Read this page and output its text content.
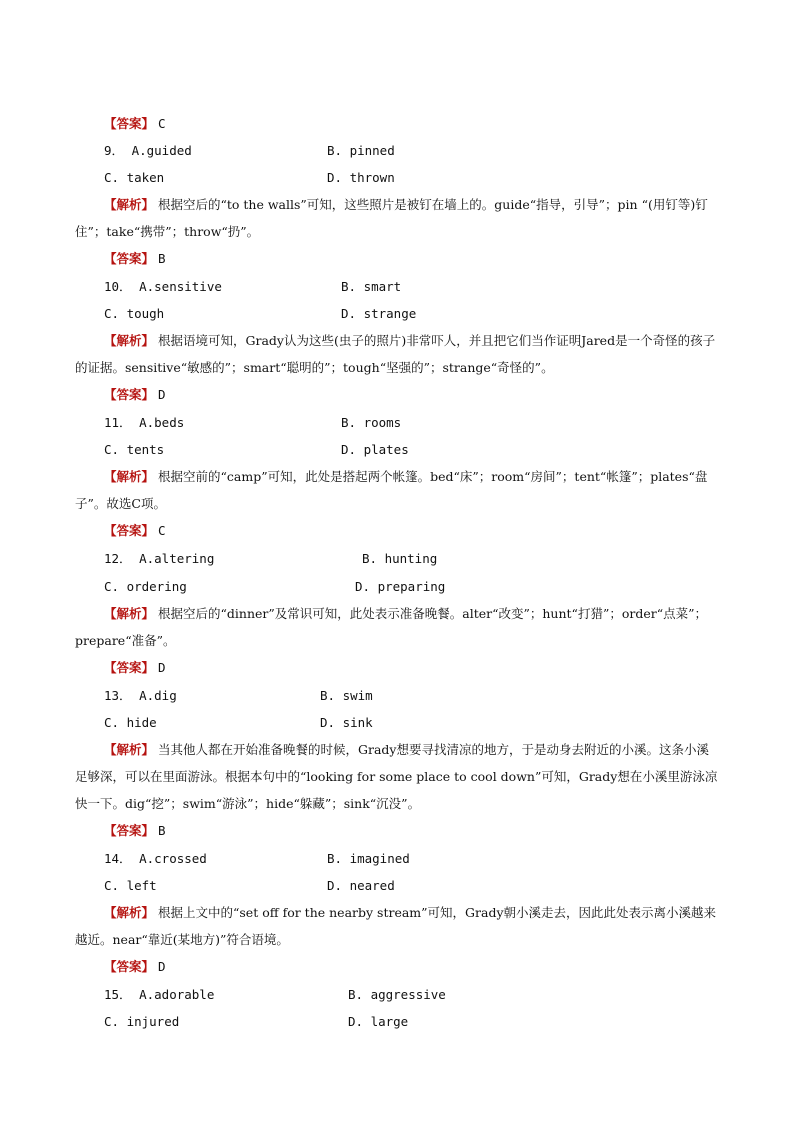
【答案】 C
9． A.guided	B. pinned
C. taken	D. thrown
【解析】 根据空后的“to the walls”可知，这些照片是被钉在墙上的。guide“指导，引导”；pin “(用钉等)钉住”；take“携带”；throw“扔”。
【答案】 B
10． A.sensitive	B. smart
C. tough	D. strange
【解析】 根据语境可知，Grady认为这些(虫子的照片)非常吓人，并且把它们当作证明Jared是一个奇怪的孩子的证据。sensitive“敏感的”；smart“聪明的”；tough“坚强的”；strange“奇怪的”。
【答案】 D
11． A.beds	B. rooms
C. tents	D. plates
【解析】 根据空前的“camp”可知，此处是搭起两个帐篷。bed“床”；room“房间”；tent“帐篷”；plates“盘子”。故选C项。
【答案】 C
12． A.altering	B. hunting
C. ordering	D. preparing
【解析】 根据空后的“dinner”及常识可知，此处表示准备晚餐。alter“改变”；hunt“打猎”；order“点菜”；prepare“准备”。
【答案】 D
13． A.dig	B. swim
C. hide	D. sink
【解析】 当其他人都在开始准备晚餐的时候，Grady想要寻找清凉的地方，于是动身去附近的小溪。这条小溪足够深，可以在里面游泳。根据本句中的“looking for some place to cool down”可知，Grady想在小溪里游泳凉快一下。dig“挖”；swim“游泳”；hide“躲藏”；sink“沉没”。
【答案】 B
14． A.crossed	B. imagined
C. left	D. neared
【解析】 根据上文中的“set off for the nearby stream”可知，Grady朝小溪走去，因此此处表示离小溪越来越近。near“靠近(某地方)”符合语境。
【答案】 D
15． A.adorable	B. aggressive
C. injured	D. large
